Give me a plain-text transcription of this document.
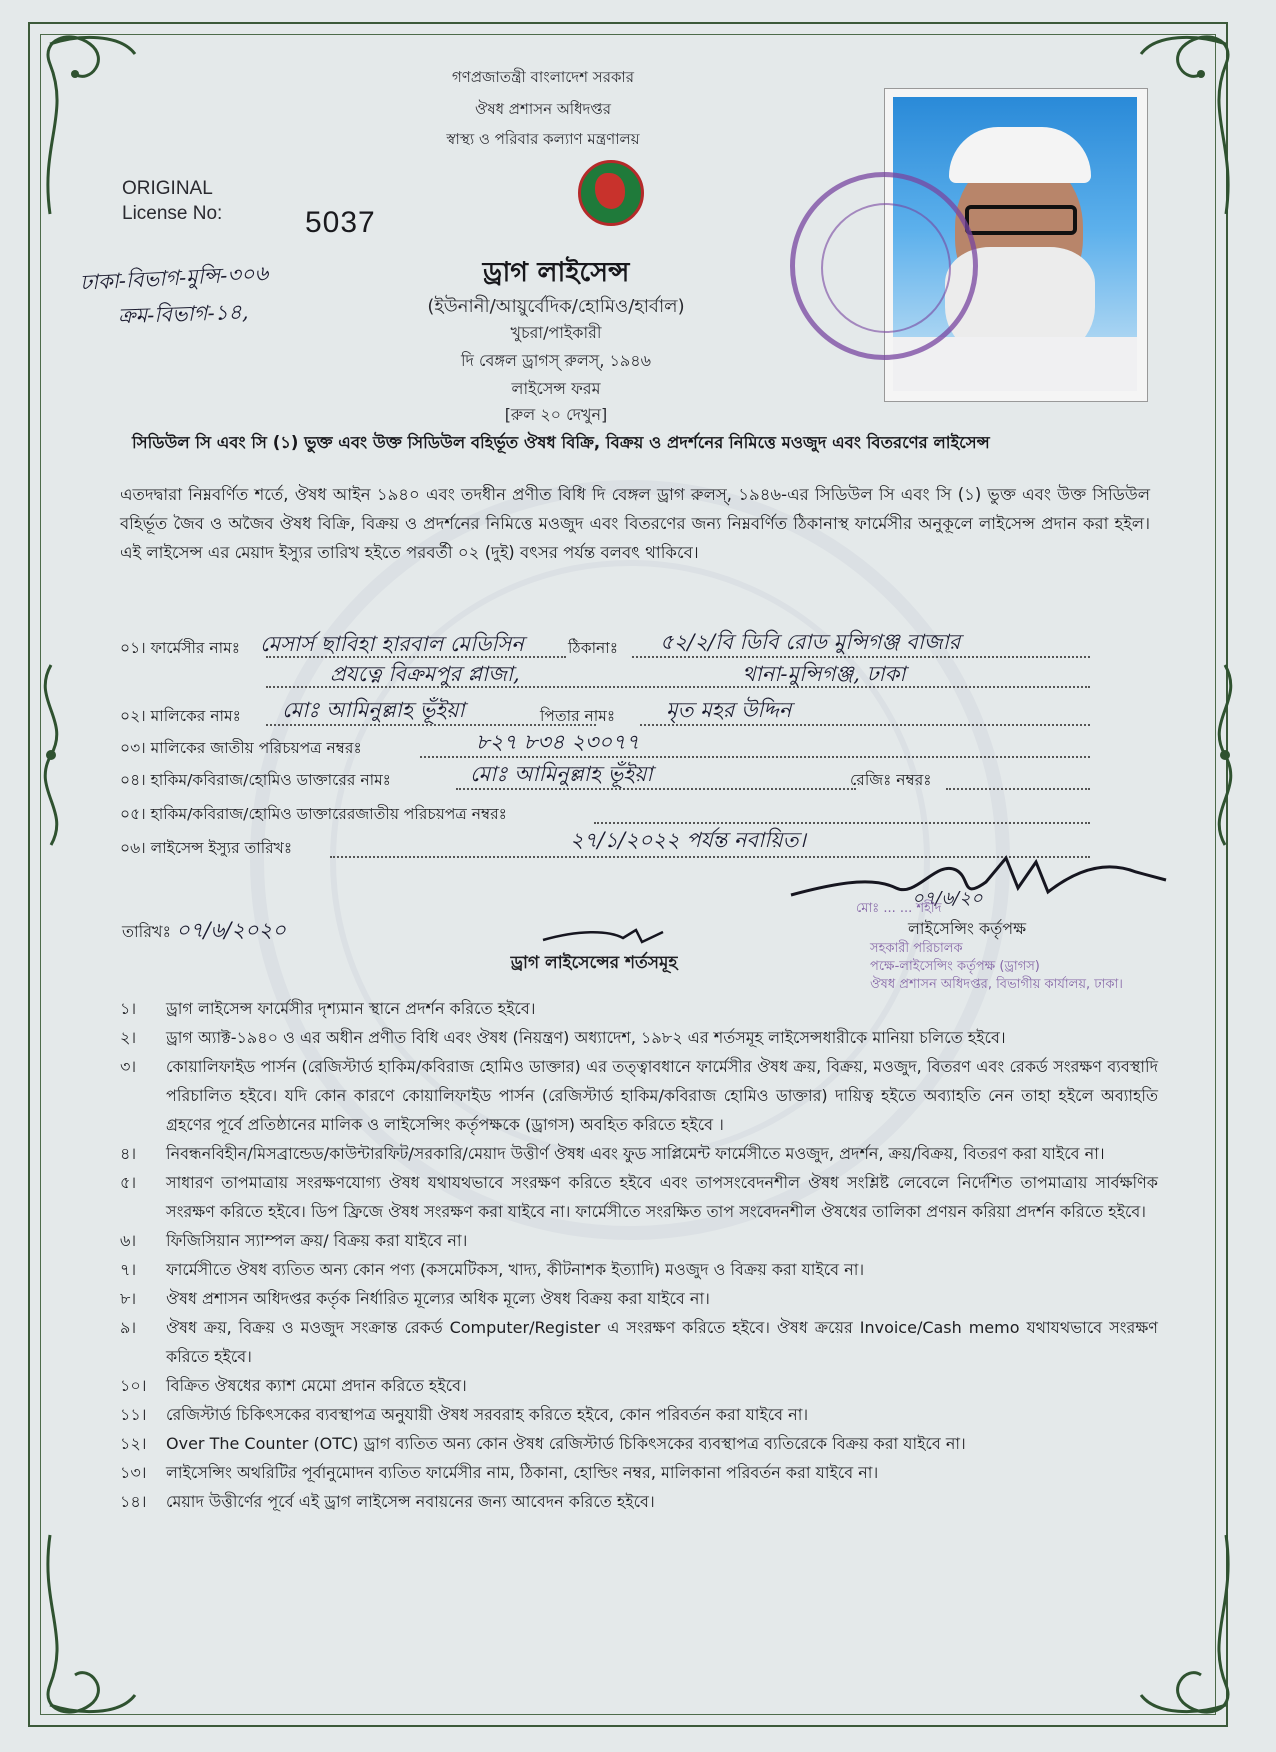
গণপ্রজাতন্ত্রী বাংলাদেশ সরকার
ঔষধ প্রশাসন অধিদপ্তর
স্বাস্থ্য ও পরিবার কল্যাণ মন্ত্রণালয়
ORIGINAL
License No:	5037
ঢাকা-বিভাগ-মুন্সি-৩০৬
ক্রম-বিভাগ-১৪,
ড্রাগ লাইসেন্স
(ইউনানী/আয়ুর্বেদিক/হোমিও/হার্বাল)
খুচরা/পাইকারী
দি বেঙ্গল ড্রাগস্ রুলস্, ১৯৪৬
লাইসেন্স ফরম
[রুল ২০ দেখুন]
সিডিউল সি এবং সি (১) ভুক্ত এবং উক্ত সিডিউল বহির্ভূত ঔষধ বিক্রি, বিক্রয় ও প্রদর্শনের নিমিত্তে মওজুদ এবং বিতরণের লাইসেন্স
এতদদ্বারা নিম্নবর্ণিত শর্তে, ঔষধ আইন ১৯৪০ এবং তদধীন প্রণীত বিধি দি বেঙ্গল ড্রাগ রুলস্, ১৯৪৬-এর সিডিউল সি এবং সি (১) ভুক্ত এবং উক্ত সিডিউল বহির্ভূত জৈব ও অজৈব ঔষধ বিক্রি, বিক্রয় ও প্রদর্শনের নিমিত্তে মওজুদ এবং বিতরণের জন্য নিম্নবর্ণিত ঠিকানাস্থ ফার্মেসীর অনুকূলে লাইসেন্স প্রদান করা হইল। এই লাইসেন্স এর মেয়াদ ইস্যুর তারিখ হইতে পরবর্তী ০২ (দুই) বৎসর পর্যন্ত বলবৎ থাকিবে।
০১। ফার্মেসীর নামঃ মেসার্স ছাবিহা হারবাল মেডিসিন	ঠিকানাঃ ৫২/২/বি ডিবি রোড মুন্সিগঞ্জ বাজার
প্রযত্নে বিক্রমপুর প্লাজা,	থানা-মুন্সিগঞ্জ, ঢাকা
০২। মালিকের নামঃ মোঃ আমিনুল্লাহ ভূঁইয়া	পিতার নামঃ মৃত মহর উদ্দিন
০৩। মালিকের জাতীয় পরিচয়পত্র নম্বরঃ	৮২৭ ৮৩৪ ২৩০৭৭
০৪। হাকিম/কবিরাজ/হোমিও ডাক্তারের নামঃ	মোঃ আমিনুল্লাহ ভূঁইয়া	রেজিঃ নম্বরঃ
০৫। হাকিম/কবিরাজ/হোমিও ডাক্তারেরজাতীয় পরিচয়পত্র নম্বরঃ
০৬। লাইসেন্স ইস্যুর তারিখঃ	২৭/১/২০২২ পর্যন্ত নবায়িত।
০৭/৬/২০
মোঃ ... ... শহীদ
লাইসেন্সিং কর্তৃপক্ষ
সহকারী পরিচালক
পক্ষে-লাইসেন্সিং কর্তৃপক্ষ (ড্রাগস)
ঔষধ প্রশাসন অধিদপ্তর, বিভাগীয় কার্যালয়, ঢাকা।
তারিখঃ ০৭/৬/২০২০
ড্রাগ লাইসেন্সের শর্তসমূহ
১।	ড্রাগ লাইসেন্স ফার্মেসীর দৃশ্যমান স্থানে প্রদর্শন করিতে হইবে।
২।	ড্রাগ অ্যাক্ট-১৯৪০ ও এর অধীন প্রণীত বিধি এবং ঔষধ (নিয়ন্ত্রণ) অধ্যাদেশ, ১৯৮২ এর শর্তসমূহ লাইসেন্সধারীকে মানিয়া চলিতে হইবে।
৩।	কোয়ালিফাইড পার্সন (রেজিস্টার্ড হাকিম/কবিরাজ হোমিও ডাক্তার) এর তত্ত্বাবধানে ফার্মেসীর ঔষধ ক্রয়, বিক্রয়, মওজুদ, বিতরণ এবং রেকর্ড সংরক্ষণ ব্যবস্থাদি পরিচালিত হইবে। যদি কোন কারণে কোয়ালিফাইড পার্সন (রেজিস্টার্ড হাকিম/কবিরাজ হোমিও ডাক্তার) দায়িত্ব হইতে অব্যাহতি নেন তাহা হইলে অব্যাহতি গ্রহণের পূর্বে প্রতিষ্ঠানের মালিক ও লাইসেন্সিং কর্তৃপক্ষকে (ড্রাগস) অবহিত করিতে হইবে ।
৪।	নিবন্ধনবিহীন/মিসব্রান্ডেড/কাউন্টারফিট/সরকারি/মেয়াদ উত্তীর্ণ ঔষধ এবং ফুড সাপ্লিমেন্ট ফার্মেসীতে মওজুদ, প্রদর্শন, ক্রয়/বিক্রয়, বিতরণ করা যাইবে না।
৫।	সাধারণ তাপমাত্রায় সংরক্ষণযোগ্য ঔষধ যথাযথভাবে সংরক্ষণ করিতে হইবে এবং তাপসংবেদনশীল ঔষধ সংশ্লিষ্ট লেবেলে নির্দেশিত তাপমাত্রায় সার্বক্ষণিক সংরক্ষণ করিতে হইবে। ডিপ ফ্রিজে ঔষধ সংরক্ষণ করা যাইবে না। ফার্মেসীতে সংরক্ষিত তাপ সংবেদনশীল ঔষধের তালিকা প্রণয়ন করিয়া প্রদর্শন করিতে হইবে।
৬।	ফিজিসিয়ান স্যাম্পল ক্রয়/ বিক্রয় করা যাইবে না।
৭।	ফার্মেসীতে ঔষধ ব্যতিত অন্য কোন পণ্য (কসমেটিকস, খাদ্য, কীটনাশক ইত্যাদি) মওজুদ ও বিক্রয় করা যাইবে না।
৮।	ঔষধ প্রশাসন অধিদপ্তর কর্তৃক নির্ধারিত মূল্যের অধিক মূল্যে ঔষধ বিক্রয় করা যাইবে না।
৯।	ঔষধ ক্রয়, বিক্রয় ও মওজুদ সংক্রান্ত রেকর্ড Computer/Register এ সংরক্ষণ করিতে হইবে। ঔষধ ক্রয়ের Invoice/Cash memo যথাযথভাবে সংরক্ষণ করিতে হইবে।
১০।	বিক্রিত ঔষধের ক্যাশ মেমো প্রদান করিতে হইবে।
১১।	রেজিস্টার্ড চিকিৎসকের ব্যবস্থাপত্র অনুযায়ী ঔষধ সরবরাহ করিতে হইবে, কোন পরিবর্তন করা যাইবে না।
১২।	Over The Counter (OTC) ড্রাগ ব্যতিত অন্য কোন ঔষধ রেজিস্টার্ড চিকিৎসকের ব্যবস্থাপত্র ব্যতিরেকে বিক্রয় করা যাইবে না।
১৩।	লাইসেন্সিং অথরিটির পূর্বানুমোদন ব্যতিত ফার্মেসীর নাম, ঠিকানা, হোল্ডিং নম্বর, মালিকানা পরিবর্তন করা যাইবে না।
১৪।	মেয়াদ উত্তীর্ণের পূর্বে এই ড্রাগ লাইসেন্স নবায়নের জন্য আবেদন করিতে হইবে।
